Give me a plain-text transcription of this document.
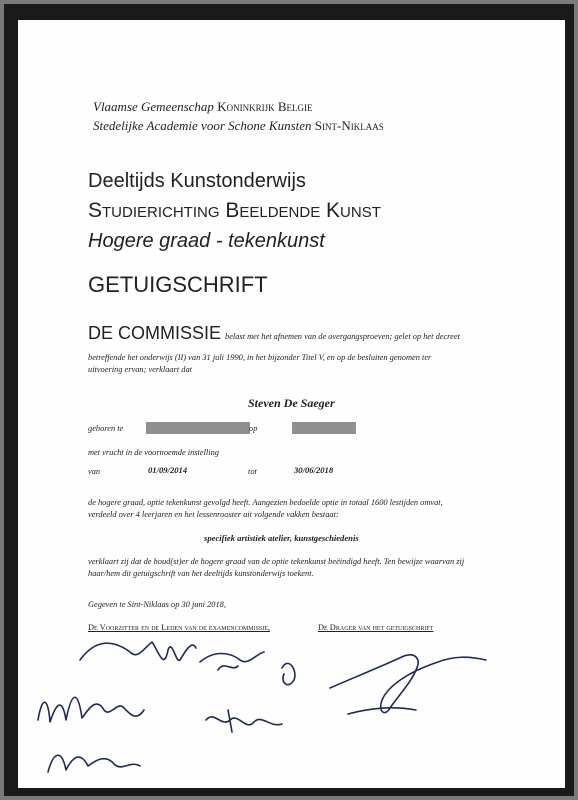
Vlaamse Gemeenschap Koninkrijk Belgie
Stedelijke Academie voor Schone Kunsten Sint-Niklaas
Deeltijds Kunstonderwijs
Studierichting Beeldende Kunst
Hogere graad - tekenkunst
GETUIGSCHRIFT
DE COMMISSIE belast met het afnemen van de overgangsproeven; gelet op het decreet
betreffende het onderwijs (II) van 31 juli 1990, in het bijzonder Titel V, en op de besluiten genomen ter
uitvoering ervan; verklaart dat
Steven De Saeger
geboren te	op
met vrucht in de voornoemde instelling
van	01/09/2014	tot	30/06/2018
de hogere graad, optie tekenkunst gevolgd heeft. Aangezien bedoelde optie in totaal 1600 lestijden omvat,
verdeeld over 4 leerjaren en het lessenrooster uit volgende vakken bestaat:
specifiek artistiek atelier, kunstgeschiedenis
verklaart zij dat de houd(st)er de hogere graad van de optie tekenkunst beëindigd heeft. Ten bewijze waarvan zij
haar/hem dit getuigschrift van het deeltijds kunstonderwijs toekent.
Gegeven te Sint-Niklaas op 30 juni 2018,
De Voorzitter en de Leden van de examencommissie,	De Drager van het getuigschrift
